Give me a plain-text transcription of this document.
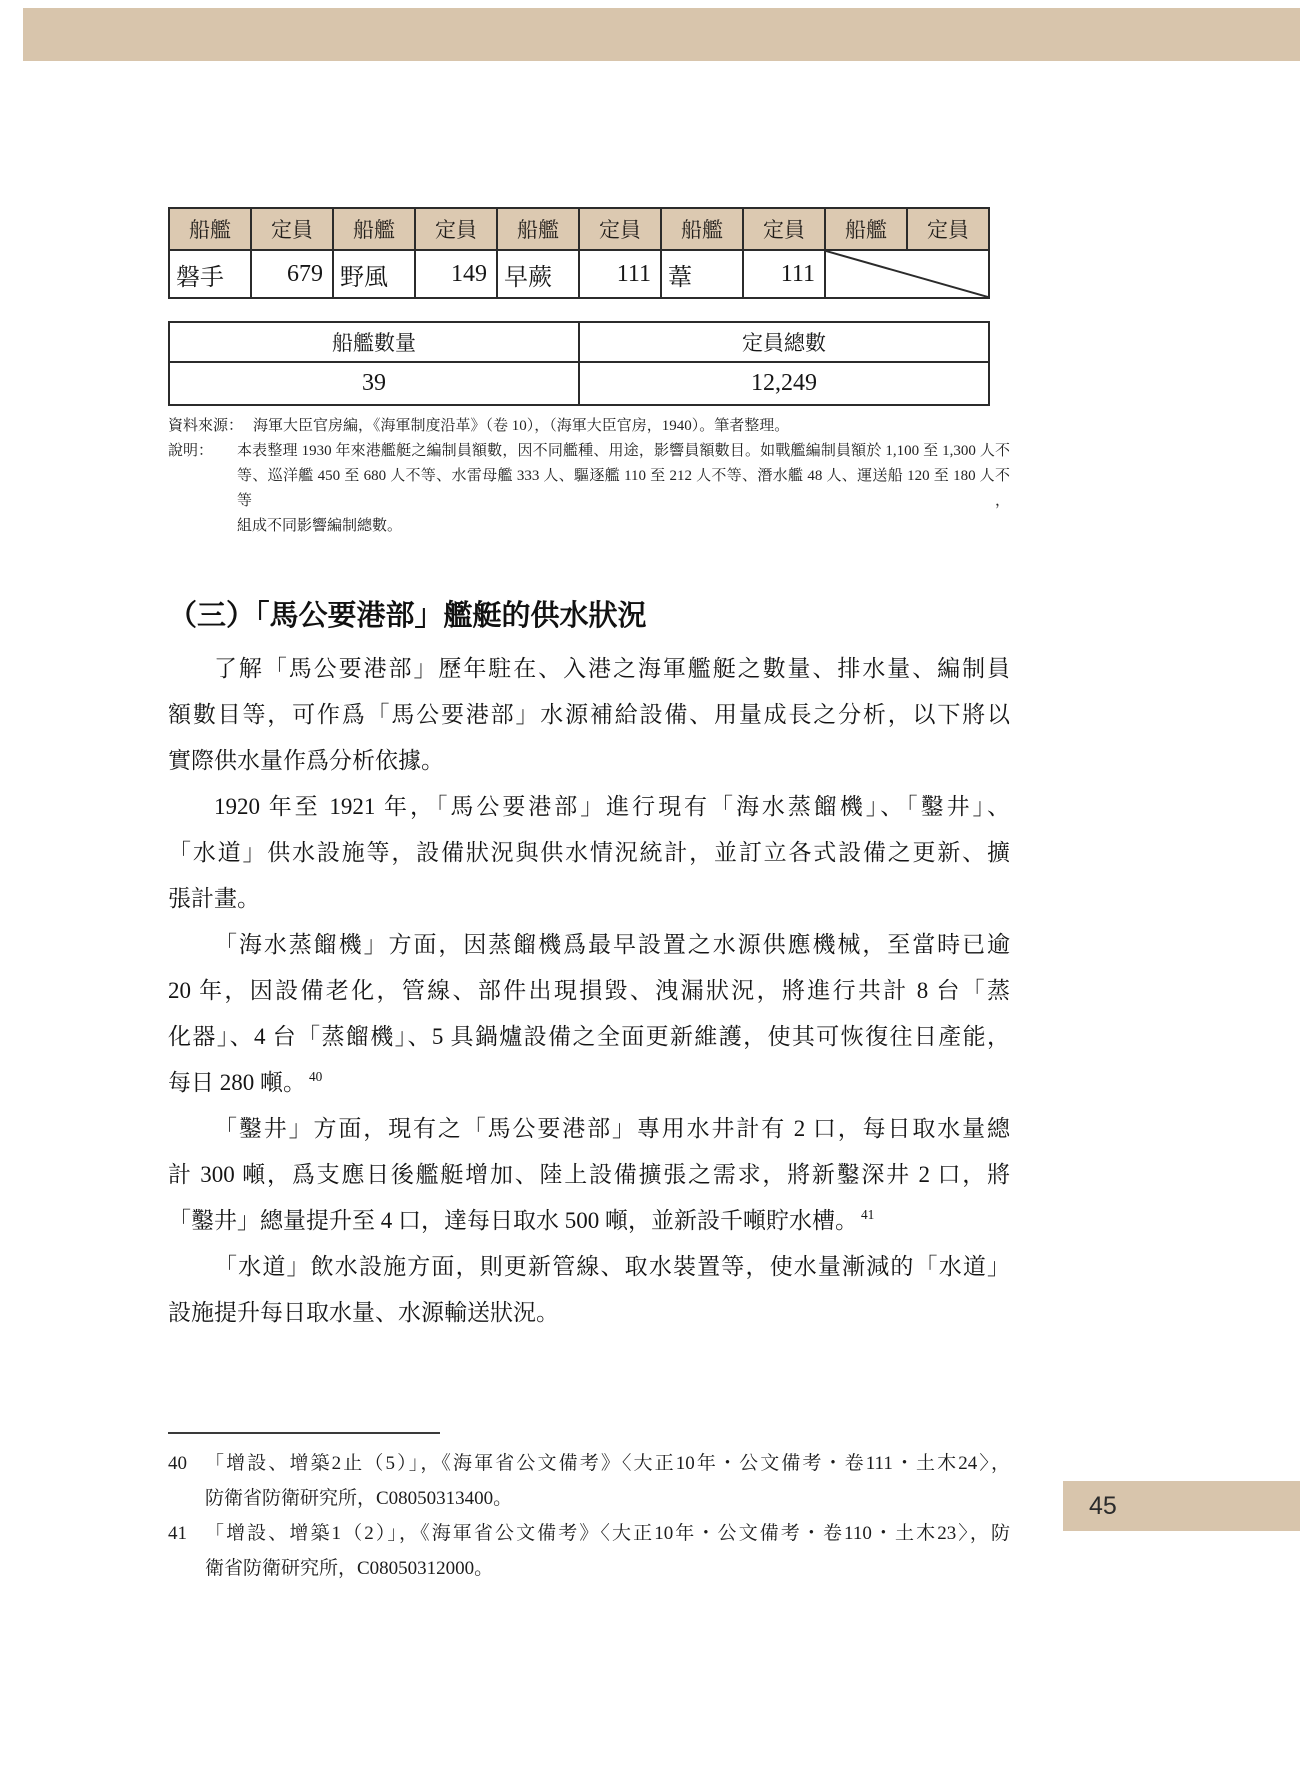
船艦	定員	船艦	定員	船艦	定員	船艦	定員	船艦	定員
磐手	679	野風	149	早蕨	111	葦	111	
船艦數量	定員總數
39	12,249
資料來源： 海軍大臣官房編，《海軍制度沿革》（卷 10），（海軍大臣官房，1940）。筆者整理。
說明：	本表整理 1930 年來港艦艇之編制員額數，因不同艦種、用途，影響員額數目。如戰艦編制員額於 1,100 至 1,300 人不
等、巡洋艦 450 至 680 人不等、水雷母艦 333 人、驅逐艦 110 至 212 人不等、潛水艦 48 人、運送船 120 至 180 人不等，
組成不同影響編制總數。
（三）「馬公要港部」艦艇的供水狀況
了解「馬公要港部」歷年駐在、入港之海軍艦艇之數量、排水量、編制員
額數目等，可作爲「馬公要港部」水源補給設備、用量成長之分析，以下將以
實際供水量作爲分析依據。
1920 年至 1921 年，「馬公要港部」進行現有「海水蒸餾機」、「鑿井」、
「水道」供水設施等，設備狀況與供水情況統計，並訂立各式設備之更新、擴
張計畫。
「海水蒸餾機」方面，因蒸餾機爲最早設置之水源供應機械，至當時已逾
20 年，因設備老化，管線、部件出現損毀、洩漏狀況，將進行共計 8 台「蒸
化器」、4 台「蒸餾機」、5 具鍋爐設備之全面更新維護，使其可恢復往日產能，
每日 280 噸。 $^{40}$
「鑿井」方面，現有之「馬公要港部」專用水井計有 2 口，每日取水量總
計 300 噸，爲支應日後艦艇增加、陸上設備擴張之需求，將新鑿深井 2 口，將
「鑿井」總量提升至 4 口，達每日取水 500 噸，並新設千噸貯水槽。 $^{41}$
「水道」飲水設施方面，則更新管線、取水裝置等，使水量漸減的「水道」
設施提升每日取水量、水源輸送狀況。
40 「增設、增築2止（5）」，《海軍省公文備考》〈大正10年・公文備考・卷111・土木24〉，
防衛省防衛研究所，C08050313400。
41 「增設、增築1（2）」，《海軍省公文備考》〈大正10年・公文備考・卷110・土木23〉，防
衛省防衛研究所，C08050312000。
45
